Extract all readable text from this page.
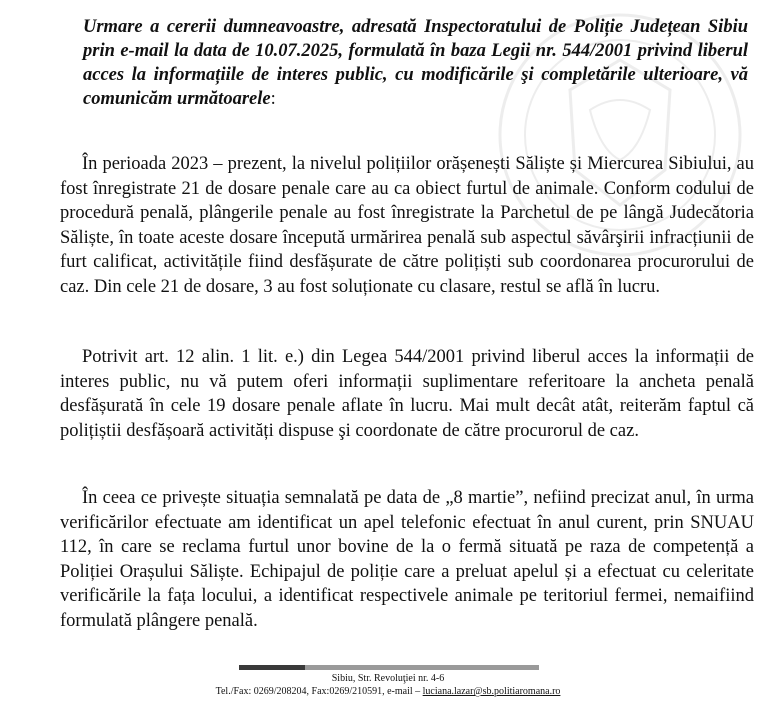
Urmare a cererii dumneavoastre, adresată Inspectoratului de Poliție Județean Sibiu prin e-mail la data de 10.07.2025, formulată în baza Legii nr. 544/2001 privind liberul acces la informațiile de interes public, cu modificările şi completările ulterioare, vă comunicăm următoarele:
În perioada 2023 – prezent, la nivelul polițiilor orășenești Săliște și Miercurea Sibiului, au fost înregistrate 21 de dosare penale care au ca obiect furtul de animale. Conform codului de procedură penală, plângerile penale au fost înregistrate la Parchetul de pe lângă Judecătoria Săliște, în toate aceste dosare începută urmărirea penală sub aspectul săvârşirii infracțiunii de furt calificat, activitățile fiind desfășurate de către polițiști sub coordonarea procurorului de caz. Din cele 21 de dosare, 3 au fost soluționate cu clasare, restul se află în lucru.
Potrivit art. 12 alin. 1 lit. e.) din Legea 544/2001 privind liberul acces la informații de interes public, nu vă putem oferi informații suplimentare referitoare la ancheta penală desfășurată în cele 19 dosare penale aflate în lucru. Mai mult decât atât, reiterăm faptul că polițiștii desfășoară activități dispuse şi coordonate de către procurorul de caz.
În ceea ce privește situația semnalată pe data de „8 martie”, nefiind precizat anul, în urma verificărilor efectuate am identificat un apel telefonic efectuat în anul curent, prin SNUAU 112, în care se reclama furtul unor bovine de la o fermă situată pe raza de competență a Poliției Orașului Săliște. Echipajul de poliție care a preluat apelul și a efectuat cu celeritate verificările la fața locului, a identificat respectivele animale pe teritoriul fermei, nemaifiind formulată plângere penală.
Sibiu, Str. Revoluţiei nr. 4-6
Tel./Fax: 0269/208204, Fax:0269/210591, e-mail – luciana.lazar@sb.politiaromana.ro
